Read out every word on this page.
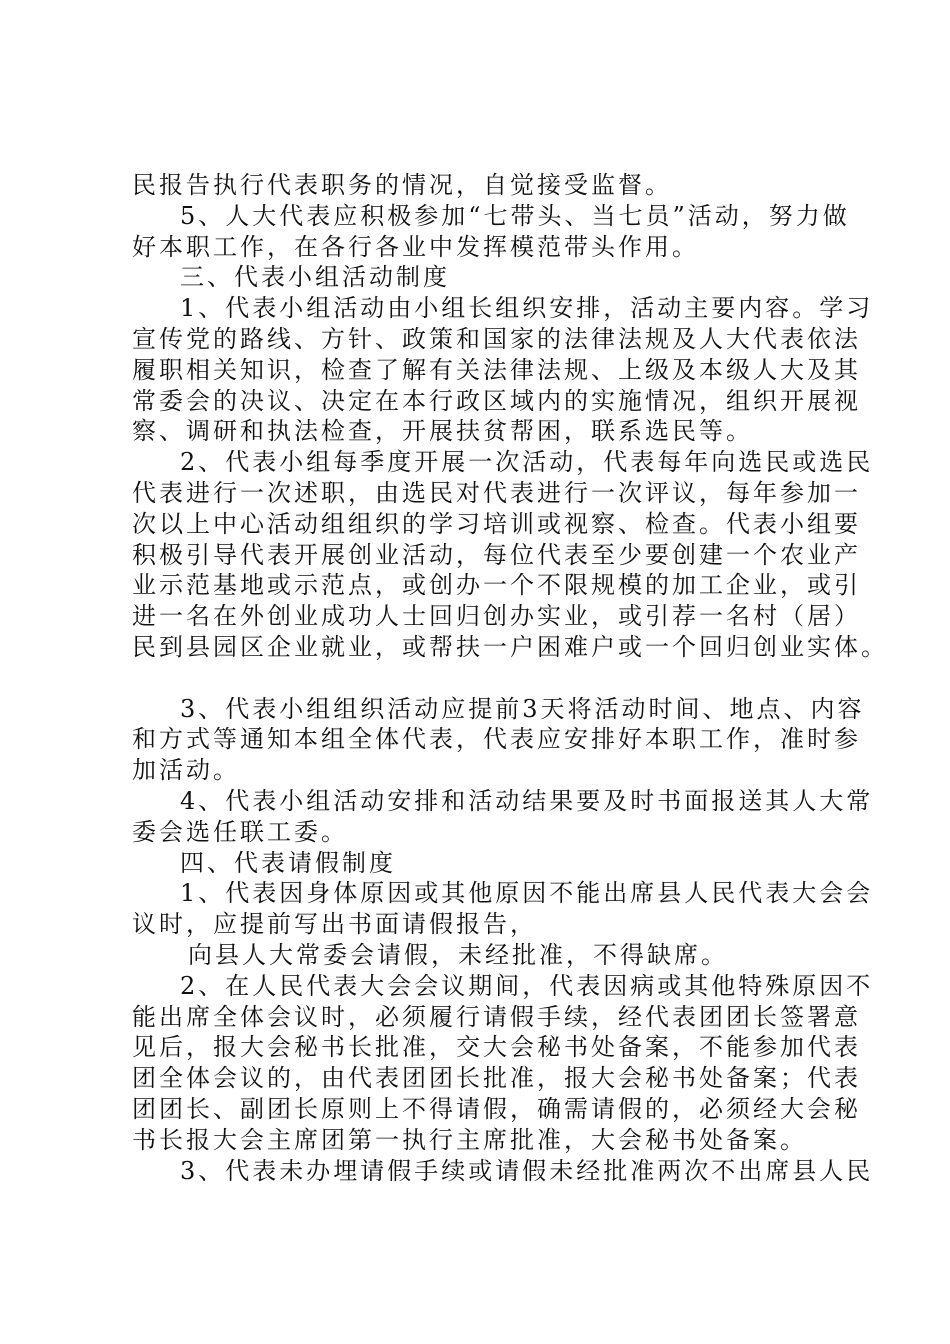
民报告执行代表职务的情况，自觉接受监督。
5、人大代表应积极参加“七带头、当七员”活动，努力做
好本职工作，在各行各业中发挥模范带头作用。
三、代表小组活动制度
1、代表小组活动由小组长组织安排，活动主要内容。学习
宣传党的路线、方针、政策和国家的法律法规及人大代表依法
履职相关知识，检查了解有关法律法规、上级及本级人大及其
常委会的决议、决定在本行政区域内的实施情况，组织开展视
察、调研和执法检查，开展扶贫帮困，联系选民等。
2、代表小组每季度开展一次活动，代表每年向选民或选民
代表进行一次述职，由选民对代表进行一次评议，每年参加一
次以上中心活动组组织的学习培训或视察、检查。代表小组要
积极引导代表开展创业活动，每位代表至少要创建一个农业产
业示范基地或示范点，或创办一个不限规模的加工企业，或引
进一名在外创业成功人士回归创办实业，或引荐一名村（居）
民到县园区企业就业，或帮扶一户困难户或一个回归创业实体。
3、代表小组组织活动应提前3天将活动时间、地点、内容
和方式等通知本组全体代表，代表应安排好本职工作，准时参
加活动。
4、代表小组活动安排和活动结果要及时书面报送其人大常
委会选任联工委。
四、代表请假制度
1、代表因身体原因或其他原因不能出席县人民代表大会会
议时，应提前写出书面请假报告，
向县人大常委会请假，未经批准，不得缺席。
2、在人民代表大会会议期间，代表因病或其他特殊原因不
能出席全体会议时，必须履行请假手续，经代表团团长签署意
见后，报大会秘书长批准，交大会秘书处备案，不能参加代表
团全体会议的，由代表团团长批准，报大会秘书处备案；代表
团团长、副团长原则上不得请假，确需请假的，必须经大会秘
书长报大会主席团第一执行主席批准，大会秘书处备案。
3、代表未办埋请假手续或请假未经批准两次不出席县人民
